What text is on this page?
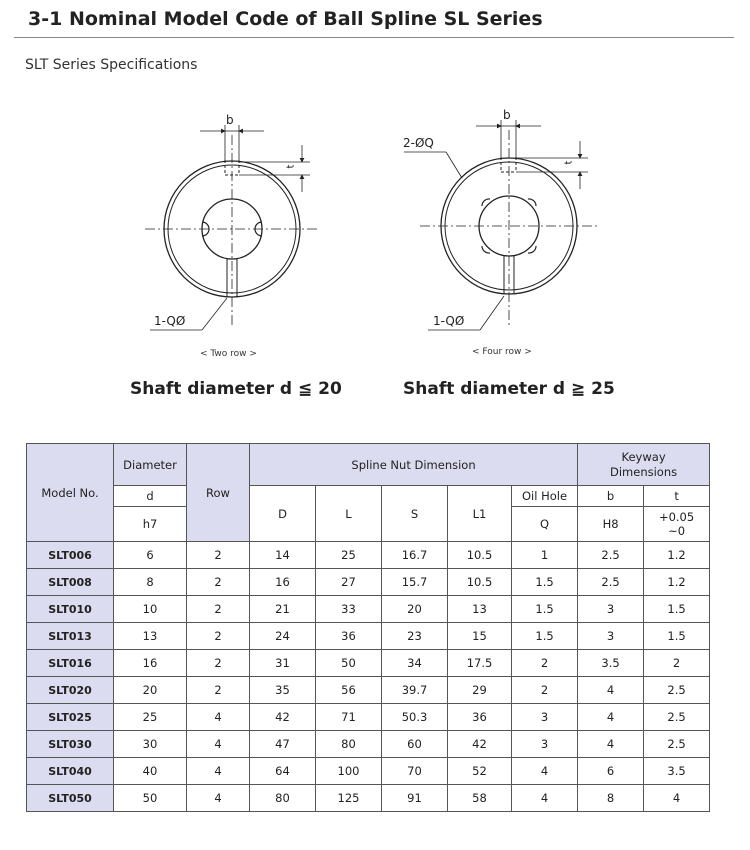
3-1 Nominal Model Code of Ball Spline SL Series
SLT Series Specifications
b
t
1-QØ
< Two row >
Shaft diameter d ≦ 20
b
t
2-ØQ
1-QØ
< Four row >
Shaft diameter d ≧ 25
Model No.	Diameter	Row	Spline Nut Dimension					Keyway Dimensions	
	d		D	L	S	L1	Oil Hole	b	t
	h7						Q	H8	+0.05 ~0
SLT006	6	2	14	25	16.7	10.5	1	2.5	1.2
SLT008	8	2	16	27	15.7	10.5	1.5	2.5	1.2
SLT010	10	2	21	33	20	13	1.5	3	1.5
SLT013	13	2	24	36	23	15	1.5	3	1.5
SLT016	16	2	31	50	34	17.5	2	3.5	2
SLT020	20	2	35	56	39.7	29	2	4	2.5
SLT025	25	4	42	71	50.3	36	3	4	2.5
SLT030	30	4	47	80	60	42	3	4	2.5
SLT040	40	4	64	100	70	52	4	6	3.5
SLT050	50	4	80	125	91	58	4	8	4
